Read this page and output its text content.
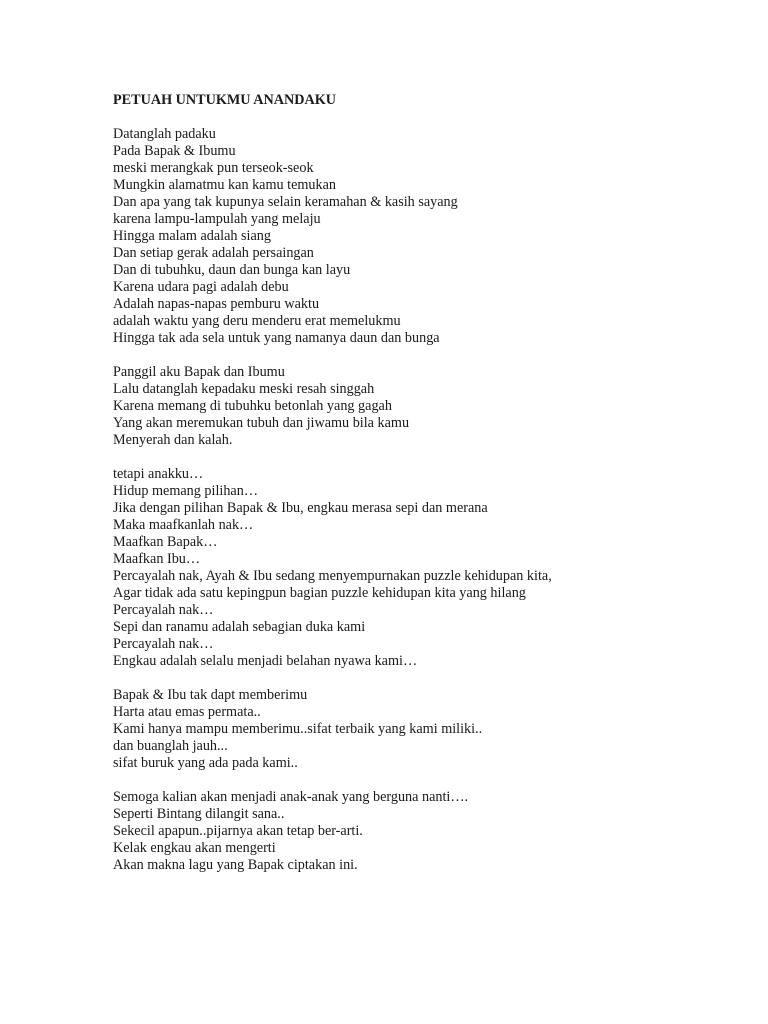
PETUAH UNTUKMU ANANDAKU
Datanglah padaku
Pada Bapak & Ibumu
meski merangkak pun terseok-seok
Mungkin alamatmu kan kamu temukan
Dan apa yang tak kupunya selain keramahan & kasih sayang
karena lampu-lampulah yang melaju
Hingga malam adalah siang
Dan setiap gerak adalah persaingan
Dan di tubuhku, daun dan bunga kan layu
Karena udara pagi adalah debu
Adalah napas-napas pemburu waktu
adalah waktu yang deru menderu erat memelukmu
Hingga tak ada sela untuk yang namanya daun dan bunga
Panggil aku Bapak dan Ibumu
Lalu datanglah kepadaku meski resah singgah
Karena memang di tubuhku betonlah yang gagah
Yang akan meremukan tubuh dan jiwamu bila kamu
Menyerah dan kalah.
tetapi anakku…
Hidup memang pilihan…
Jika dengan pilihan Bapak & Ibu, engkau merasa sepi dan merana
Maka maafkanlah nak…
Maafkan Bapak…
Maafkan Ibu…
Percayalah nak, Ayah & Ibu sedang menyempurnakan puzzle kehidupan kita,
Agar tidak ada satu kepingpun bagian puzzle kehidupan kita yang hilang
Percayalah nak…
Sepi dan ranamu adalah sebagian duka kami
Percayalah nak…
Engkau adalah selalu menjadi belahan nyawa kami…
Bapak & Ibu tak dapt memberimu
Harta atau emas permata..
Kami hanya mampu memberimu..sifat terbaik yang kami miliki..
dan buanglah jauh...
sifat buruk yang ada pada kami..
Semoga kalian akan menjadi anak-anak yang berguna nanti….
Seperti Bintang dilangit sana..
Sekecil apapun..pijarnya akan tetap ber-arti.
Kelak engkau akan mengerti
Akan makna lagu yang Bapak ciptakan ini.
